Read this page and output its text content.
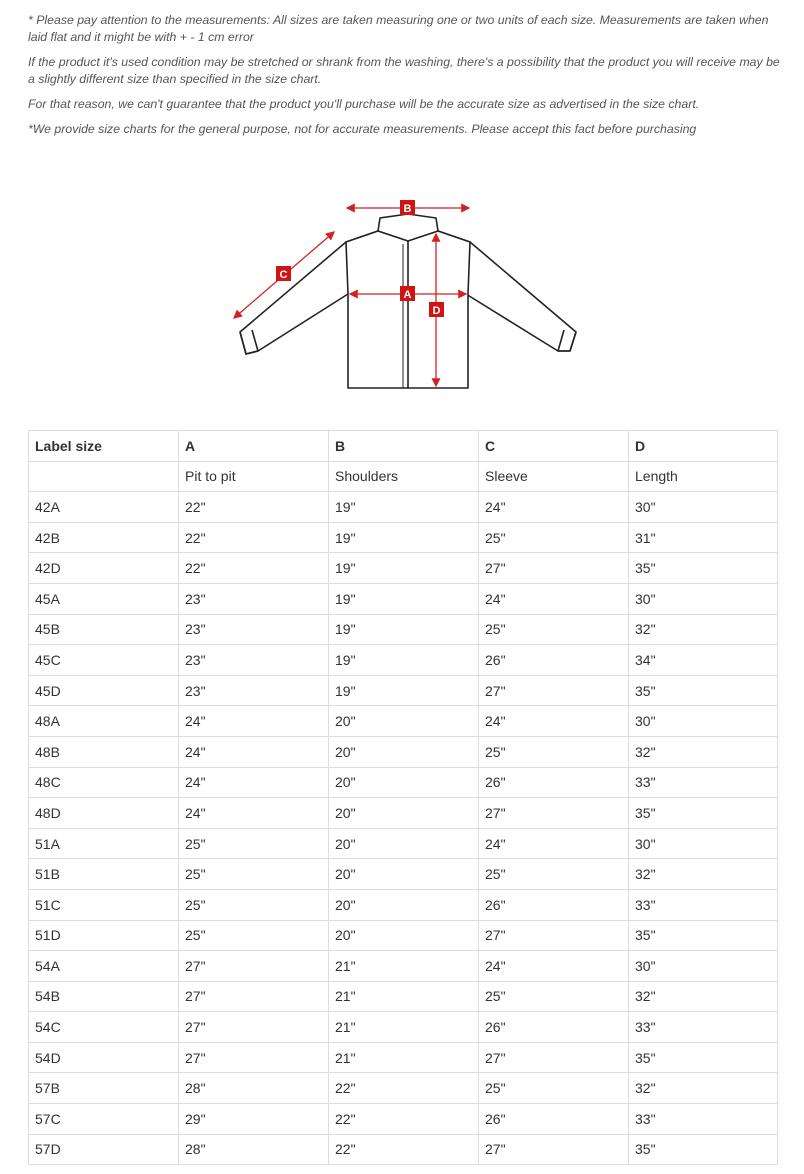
* Please pay attention to the measurements: All sizes are taken measuring one or two units of each size. Measurements are taken when laid flat and it might be with + - 1 cm error

If the product it's used condition may be stretched or shrank from the washing, there's a possibility that the product you will receive may be a slightly different size than specified in the size chart.

For that reason, we can't guarantee that the product you'll purchase will be the accurate size as advertised in the size chart.

*We provide size charts for the general purpose, not for accurate measurements. Please accept this fact before purchasing

B
A
C
D
Label size	A	B	C	D
	Pit to pit	Shoulders	Sleeve	Length
42A	22"	19"	24"	30"
42B	22"	19"	25"	31"
42D	22"	19"	27"	35"
45A	23"	19"	24"	30"
45B	23"	19"	25"	32"
45C	23"	19"	26"	34"
45D	23"	19"	27"	35"
48A	24"	20"	24"	30"
48B	24"	20"	25"	32"
48C	24"	20"	26"	33"
48D	24"	20"	27"	35"
51A	25"	20"	24"	30"
51B	25"	20"	25"	32"
51C	25"	20"	26"	33"
51D	25"	20"	27"	35"
54A	27"	21"	24"	30"
54B	27"	21"	25"	32"
54C	27"	21"	26"	33"
54D	27"	21"	27"	35"
57B	28"	22"	25"	32"
57C	29"	22"	26"	33"
57D	28"	22"	27"	35"
